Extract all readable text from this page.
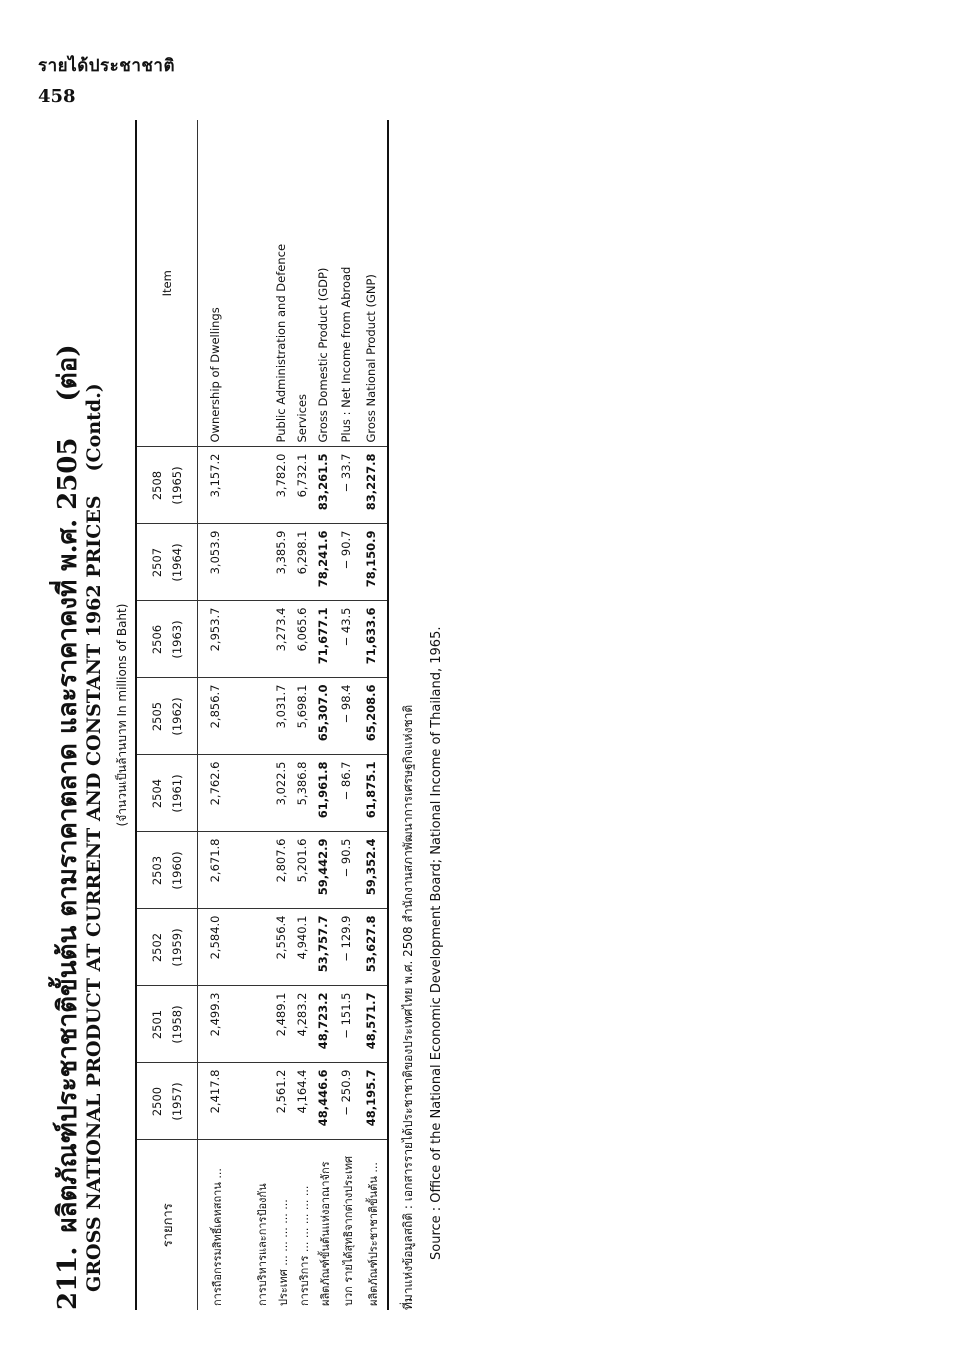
รายได้ประชาชาติ
458
211.ผลิตภัณฑ์ประชาชาติขั้นต้น ตามราคาตลาด และราคาคงที่ พ.ศ. 2505(ต่อ)
GROSS NATIONAL PRODUCT AT CURRENT AND CONSTANT 1962 PRICES(Contd.)
(จำนวนเป็นล้านบาท In millions of Baht)
รายการ	2500 (1957)	2501 (1958)	2502 (1959)	2503 (1960)	2504 (1961)	2505 (1962)	2506 (1963)	2507 (1964)	2508 (1965)	Item
การถือกรรมสิทธิ์เคหสถาน ...	2,417.8	2,499.3	2,584.0	2,671.8	2,762.6	2,856.7	2,953.7	3,053.9	3,157.2	Ownership of Dwellings
การบริหารและการป้องกัน										
ประเทศ ... ... ... ... ...	2,561.2	2,489.1	2,556.4	2,807.6	3,022.5	3,031.7	3,273.4	3,385.9	3,782.0	Public Administration and Defence
การบริการ ... ... ... ... ...	4,164.4	4,283.2	4,940.1	5,201.6	5,386.8	5,698.1	6,065.6	6,298.1	6,732.1	Services
ผลิตภัณฑ์ขั้นต้นแห่งอาณาจักร	48,446.6	48,723.2	53,757.7	59,442.9	61,961.8	65,307.0	71,677.1	78,241.6	83,261.5	Gross Domestic Product (GDP)
บวก รายได้สุทธิจากต่างประเทศ	− 250.9	− 151.5	− 129.9	− 90.5	− 86.7	− 98.4	− 43.5	− 90.7	− 33.7	Plus : Net Income from Abroad
ผลิตภัณฑ์ประชาชาติขั้นต้น ...	48,195.7	48,571.7	53,627.8	59,352.4	61,875.1	65,208.6	71,633.6	78,150.9	83,227.8	Gross National Product (GNP)
ที่มาแห่งข้อมูลสถิติ : เอกสารรายได้ประชาชาติของประเทศไทย พ.ศ. 2508 สำนักงานสภาพัฒนาการเศรษฐกิจแห่งชาติ Source : Office of the National Economic Development Board; National Income of Thailand, 1965.
